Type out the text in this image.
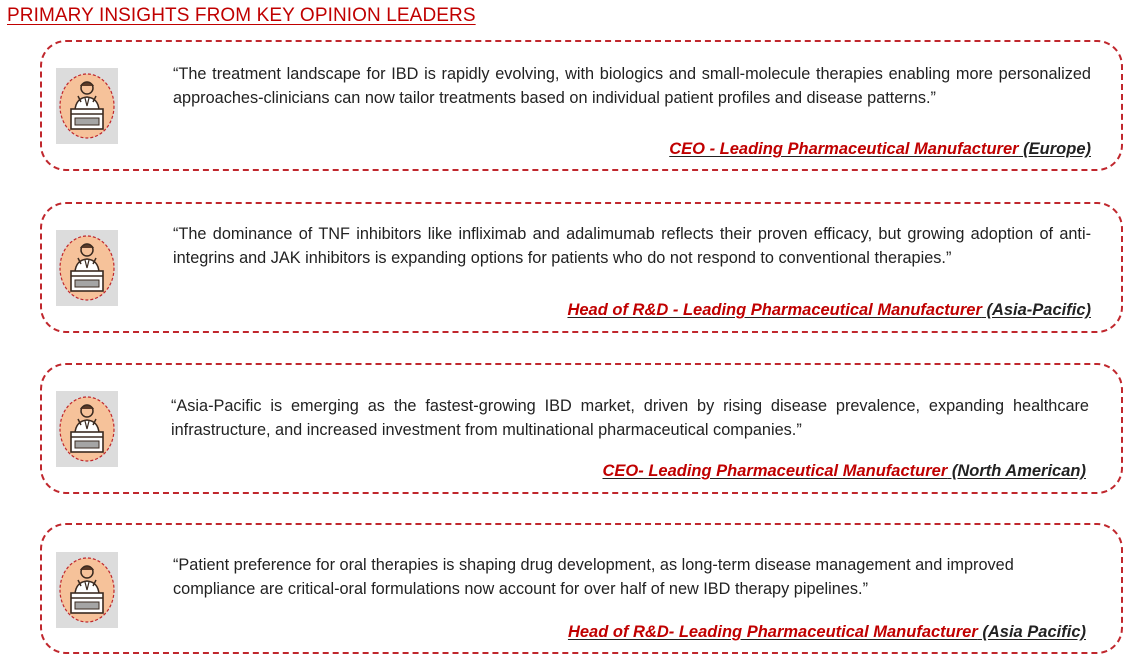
PRIMARY INSIGHTS FROM KEY OPINION LEADERS
“The treatment landscape for IBD is rapidly evolving, with biologics and small-molecule therapies enabling more personalized approaches-clinicians can now tailor treatments based on individual patient profiles and disease patterns.”
CEO - Leading Pharmaceutical Manufacturer (Europe)
“The dominance of TNF inhibitors like infliximab and adalimumab reflects their proven efficacy, but growing adoption of anti-integrins and JAK inhibitors is expanding options for patients who do not respond to conventional therapies.”
Head of R&D - Leading Pharmaceutical Manufacturer (Asia-Pacific)
“Asia-Pacific is emerging as the fastest-growing IBD market, driven by rising disease prevalence, expanding healthcare infrastructure, and increased investment from multinational pharmaceutical companies.”
CEO- Leading Pharmaceutical Manufacturer (North American)
“Patient preference for oral therapies is shaping drug development, as long-term disease management and improved compliance are critical-oral formulations now account for over half of new IBD therapy pipelines.”
Head of R&D- Leading Pharmaceutical Manufacturer (Asia Pacific)
